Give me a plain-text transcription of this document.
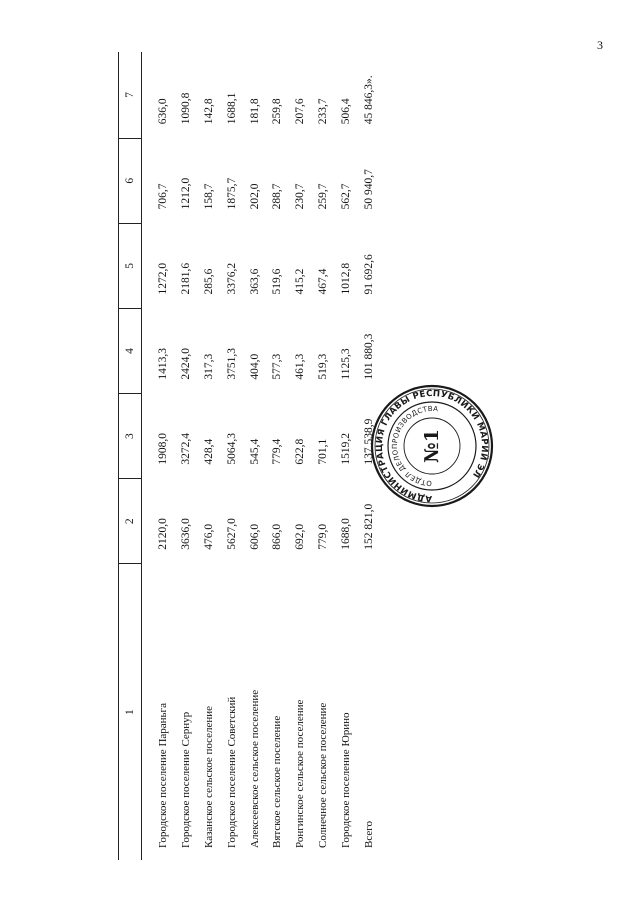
3
1	2	3	4	5	6	7
Городское поселение Параньга	2120,0	1908,0	1413,3	1272,0	706,7	636,0
Городское поселение Сернур	3636,0	3272,4	2424,0	2181,6	1212,0	1090,8
Казанское сельское поселение	476,0	428,4	317,3	285,6	158,7	142,8
Городское поселение Советский	5627,0	5064,3	3751,3	3376,2	1875,7	1688,1
Алексеевское сельское поселение	606,0	545,4	404,0	363,6	202,0	181,8
Вятское сельское поселение	866,0	779,4	577,3	519,6	288,7	259,8
Ронгинское сельское поселение	692,0	622,8	461,3	415,2	230,7	207,6
Солнечное сельское поселение	779,0	701,1	519,3	467,4	259,7	233,7
Городское поселение Юрино	1688,0	1519,2	1125,3	1012,8	562,7	506,4
Всего	152 821,0	137 538,9	101 880,3	91 692,6	50 940,7	45 846,3».
АДМИНИСТРАЦИЯ ГЛАВЫ РЕСПУБЛИКИ МАРИЙ ЭЛ
ОТДЕЛ ДЕЛОПРОИЗВОДСТВА
№1
